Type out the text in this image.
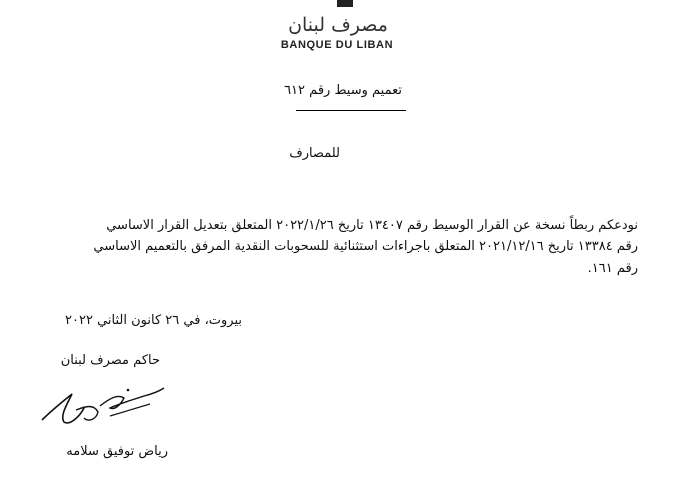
مصرف لبنان
BANQUE DU LIBAN
تعميم وسيط رقم ٦١٢
للمصارف
نودعكم ربطاً نسخة عن القرار الوسيط رقم ١٣٤٠٧ تاريخ ٢٠٢٢/١/٢٦ المتعلق بتعديل القرار الاساسي
رقم ١٣٣٨٤ تاريخ ٢٠٢١/١٢/١٦ المتعلق باجراءات استثنائية للسحوبات النقدية المرفق بالتعميم الاساسي
رقم ١٦١.
بيروت، في ٢٦ كانون الثاني ٢٠٢٢
حاكم مصرف لبنان
رياض توفيق سلامه
